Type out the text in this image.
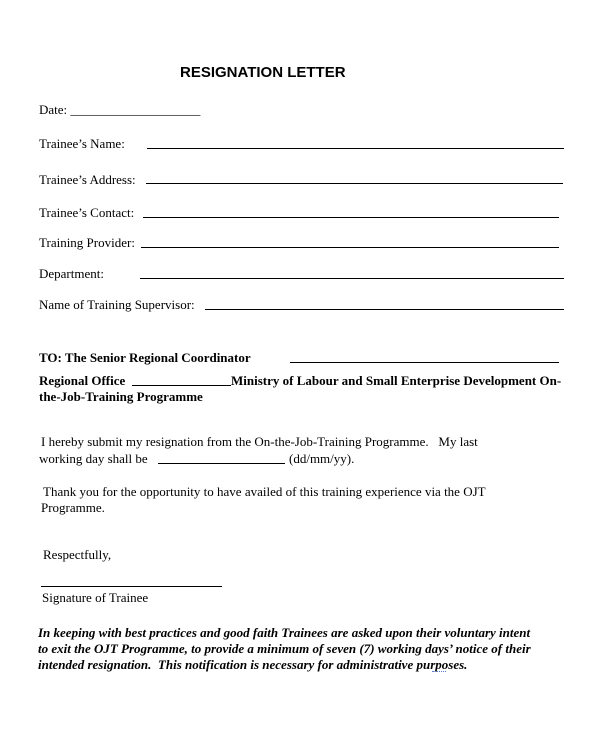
RESIGNATION LETTER
Date: ____________________
Trainee’s Name:
Trainee’s Address:
Trainee’s Contact:
Training Provider:
Department:
Name of Training Supervisor:
TO: The Senior Regional Coordinator
Regional Office	Ministry of Labour and Small Enterprise Development On-
the-Job-Training Programme
I hereby submit my resignation from the On-the-Job-Training Programme.   My last
working day shall be	(dd/mm/yy).
Thank you for the opportunity to have availed of this training experience via the OJT
Programme.
Respectfully,
Signature of Trainee
In keeping with best practices and good faith Trainees are asked upon their voluntary intent
to exit the OJT Programme, to provide a minimum of seven (7) working days’ notice of their
intended resignation.  This notification is necessary for administrative purposes.
